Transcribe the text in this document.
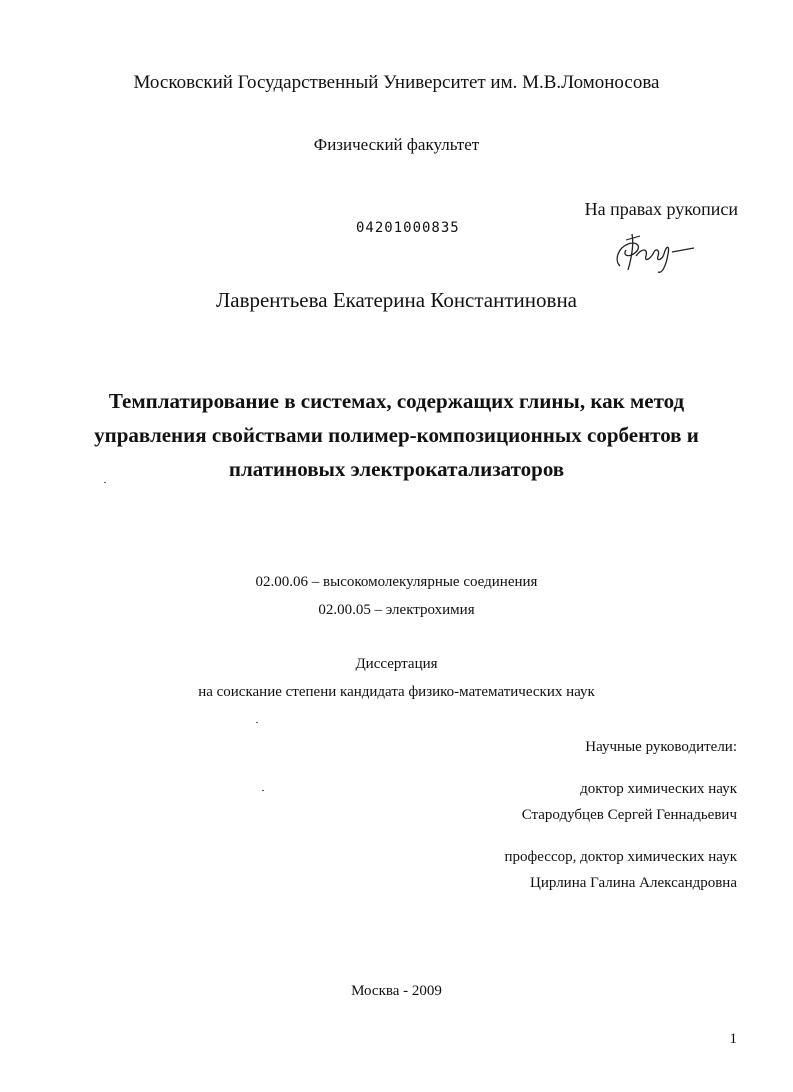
Московский Государственный Университет им. М.В.Ломоносова
Физический факультет
На правах рукописи
04201000835
Лаврентьева Екатерина Константиновна
Темплатирование в системах, содержащих глины, как метод
управления свойствами полимер-композиционных сорбентов и
платиновых электрокатализаторов
02.00.06 – высокомолекулярные соединения
02.00.05 – электрохимия
Диссертация
на соискание степени кандидата физико-математических наук
Научные руководители:
доктор химических наук
Стародубцев Сергей Геннадьевич
профессор, доктор химических наук
Цирлина Галина Александровна
Москва - 2009
1
